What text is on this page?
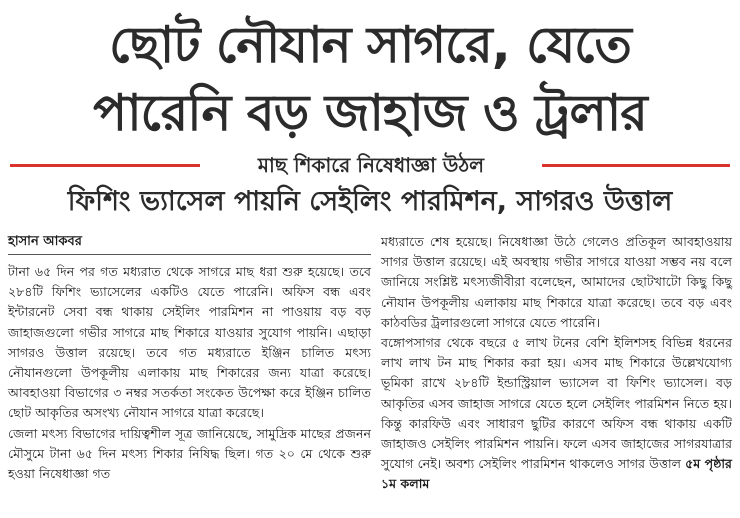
ছোট নৌযান সাগরে, যেতে
পারেনি বড় জাহাজ ও ট্রলার
মাছ শিকারে নিষেধাজ্ঞা উঠল
ফিশিং ভ্যাসেল পায়নি সেইলিং পারমিশন, সাগরও উত্তাল
হাসান আকবর

টানা ৬৫ দিন পর গত মধ্যরাত থেকে সাগরে মাছ ধরা শুরু হয়েছে। তবে ২৮৪টি ফিশিং ভ্যাসেলের একটিও যেতে পারেনি। অফিস বন্ধ এবং ইন্টারনেট সেবা বন্ধ থাকায় সেইলিং পারমিশন না পাওয়ায় বড় বড় জাহাজগুলো গভীর সাগরে মাছ শিকারে যাওয়ার সুযোগ পায়নি। এছাড়া সাগরও উত্তাল রয়েছে। তবে গত মধ্যরাতে ইঞ্জিন চালিত মৎস্য নৌযানগুলো উপকূলীয় এলাকায় মাছ শিকারের জন্য যাত্রা করেছে। আবহাওয়া বিভাগের ৩ নম্বর সতর্কতা সংকেত উপেক্ষা করে ইঞ্জিন চালিত ছোট আকৃতির অসংখ্য নৌযান সাগরে যাত্রা করেছে।

জেলা মৎস্য বিভাগের দায়িত্বশীল সূত্র জানিয়েছে, সামুদ্রিক মাছের প্রজনন মৌসুমে টানা ৬৫ দিন মৎস্য শিকার নিষিদ্ধ ছিল। গত ২০ মে থেকে শুরু হওয়া নিষেধাজ্ঞা গত

মধ্যরাতে শেষ হয়েছে। নিষেধাজ্ঞা উঠে গেলেও প্রতিকূল আবহাওয়ায় সাগর উত্তাল রয়েছে। এই অবস্থায় গভীর সাগরে যাওয়া সম্ভব নয় বলে জানিয়ে সংশ্লিষ্ট মৎস্যজীবীরা বলেছেন, আমাদের ছোটখাটো কিছু কিছু নৌযান উপকূলীয় এলাকায় মাছ শিকারে যাত্রা করেছে। তবে বড় এবং কাঠবডির ট্রলারগুলো সাগরে যেতে পারেনি।

বঙ্গোপসাগর থেকে বছরে ৫ লাখ টনের বেশি ইলিশসহ বিভিন্ন ধরনের লাখ লাখ টন মাছ শিকার করা হয়। এসব মাছ শিকারে উল্লেখযোগ্য ভূমিকা রাখে ২৮৪টি ইন্ডাস্ট্রিয়াল ভ্যাসেল বা ফিশিং ভ্যাসেল। বড় আকৃতির এসব জাহাজ সাগরে যেতে হলে সেইলিং পারমিশন নিতে হয়। কিন্তু কারফিউ এবং সাধারণ ছুটির কারণে অফিস বন্ধ থাকায় একটি জাহাজও সেইলিং পারমিশন পায়নি। ফলে এসব জাহাজের সাগরযাত্রার সুযোগ নেই। অবশ্য সেইলিং পারমিশন থাকলেও সাগর উত্তাল ৫ম পৃষ্ঠার ১ম কলাম
